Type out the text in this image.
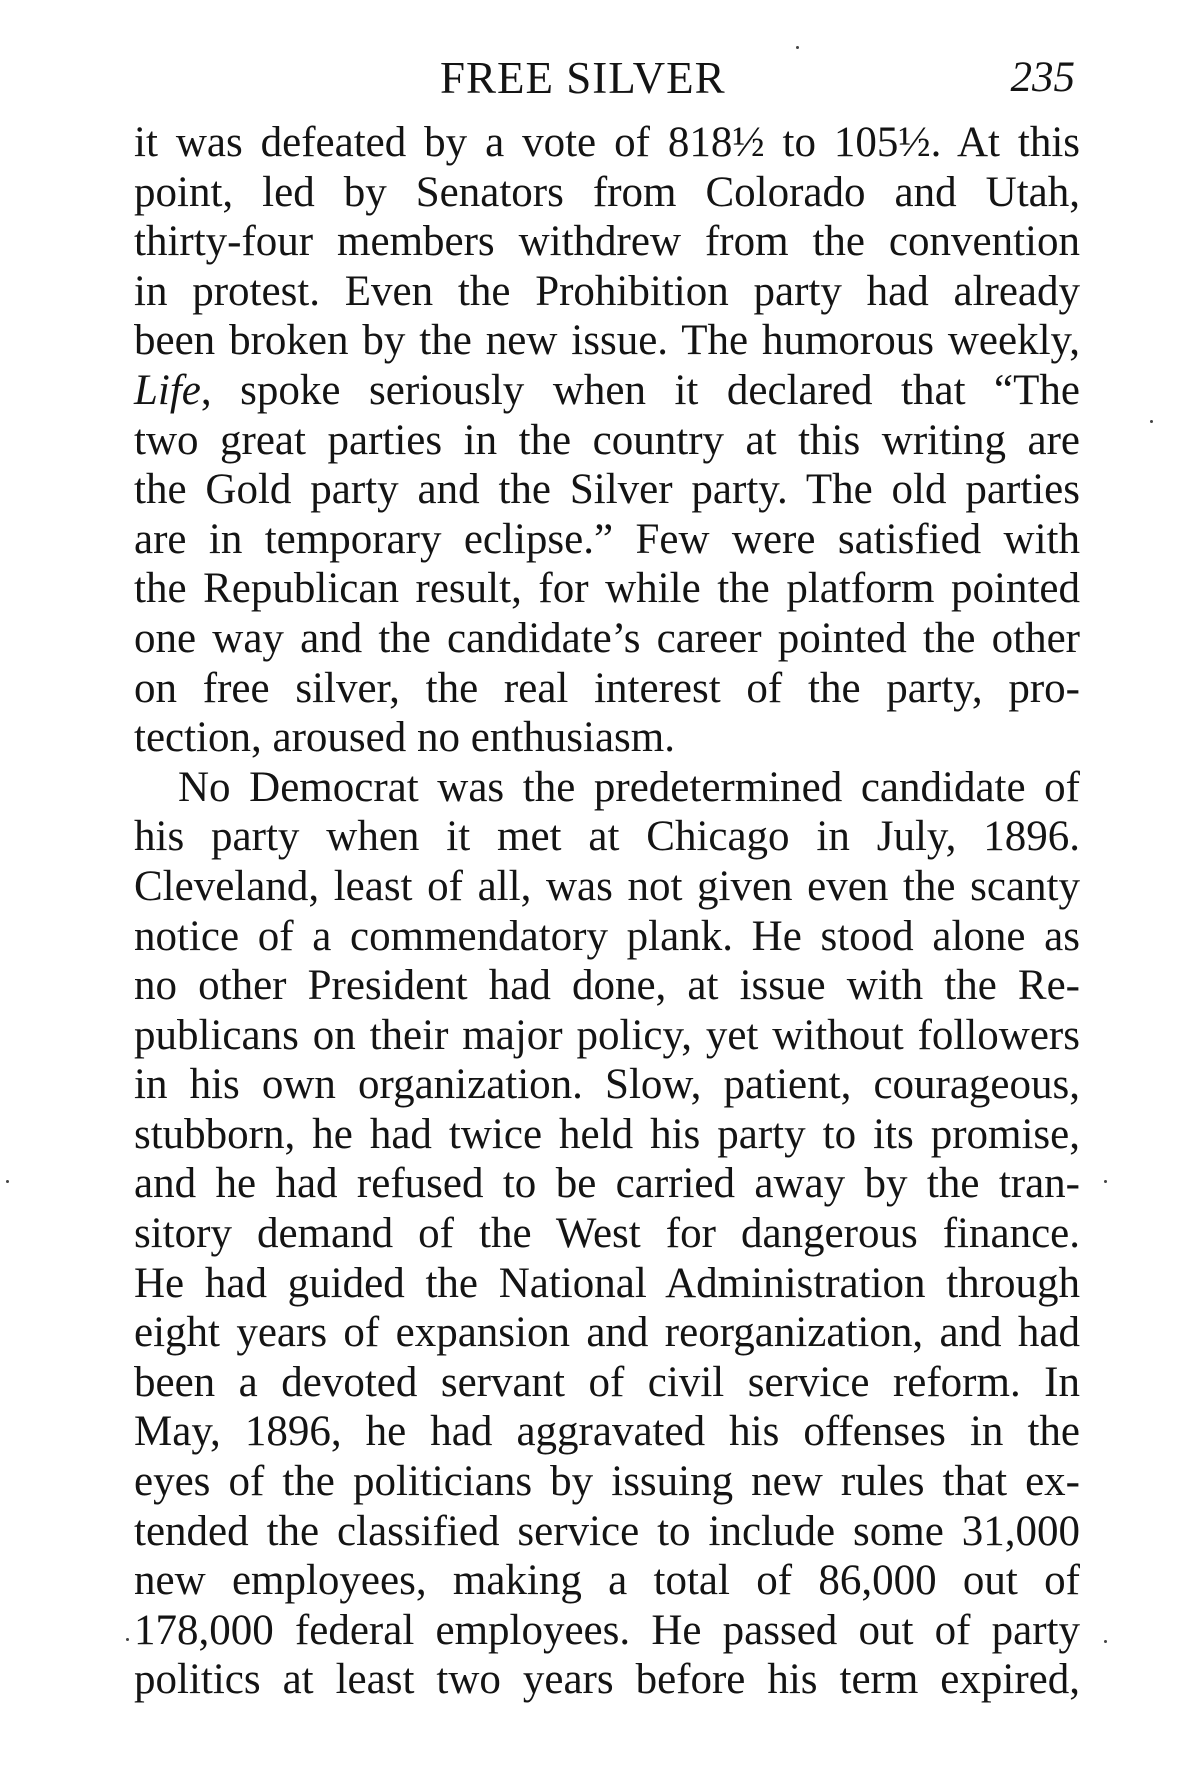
FREE SILVER	235

it was defeated by a vote of 818½ to 105½. At this
point, led by Senators from Colorado and Utah,
thirty-four members withdrew from the convention
in protest. Even the Prohibition party had already
been broken by the new issue. The humorous weekly,
Life, spoke seriously when it declared that “The
two great parties in the country at this writing are
the Gold party and the Silver party. The old parties
are in temporary eclipse.” Few were satisfied with
the Republican result, for while the platform pointed
one way and the candidate’s career pointed the other
on free silver, the real interest of the party, pro-
tection, aroused no enthusiasm.

No Democrat was the predetermined candidate of
his party when it met at Chicago in July, 1896.
Cleveland, least of all, was not given even the scanty
notice of a commendatory plank. He stood alone as
no other President had done, at issue with the Re-
publicans on their major policy, yet without followers
in his own organization. Slow, patient, courageous,
stubborn, he had twice held his party to its promise,
and he had refused to be carried away by the tran-
sitory demand of the West for dangerous finance.
He had guided the National Administration through
eight years of expansion and reorganization, and had
been a devoted servant of civil service reform. In
May, 1896, he had aggravated his offenses in the
eyes of the politicians by issuing new rules that ex-
tended the classified service to include some 31,000
new employees, making a total of 86,000 out of
178,000 federal employees. He passed out of party
politics at least two years before his term expired,
